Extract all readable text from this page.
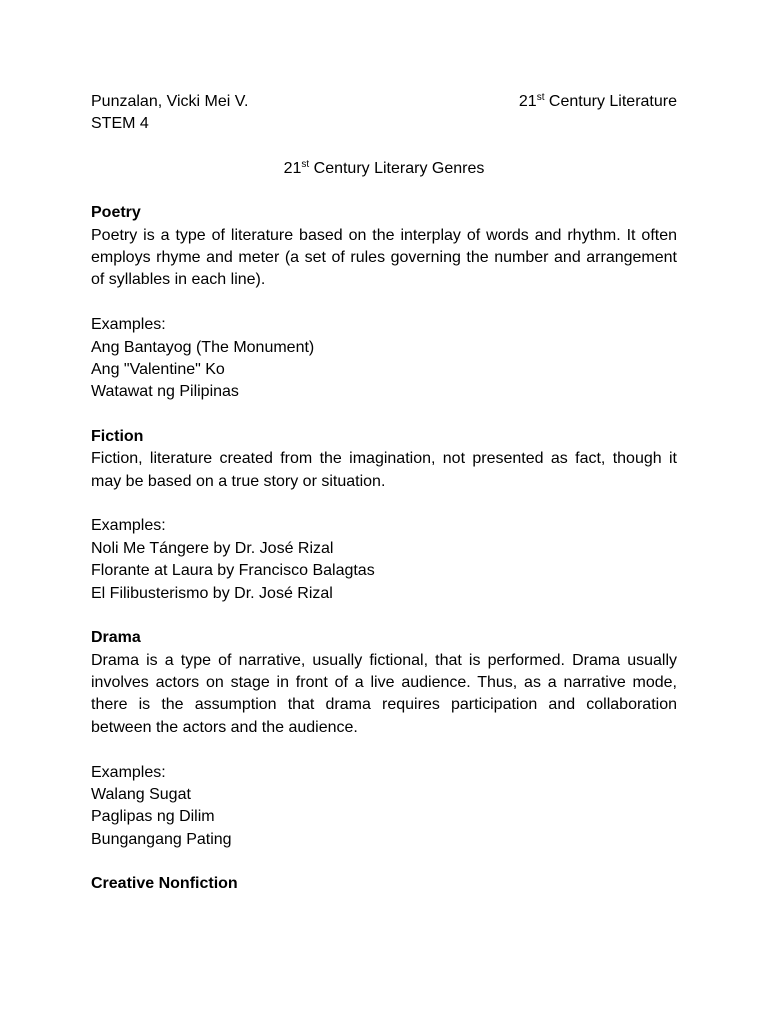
Punzalan, Vicki Mei V.	21st Century Literature
STEM 4
21st Century Literary Genres
Poetry
Poetry is a type of literature based on the interplay of words and rhythm. It often employs rhyme and meter (a set of rules governing the number and arrangement of syllables in each line).
Examples:
Ang Bantayog (The Monument)
Ang "Valentine" Ko
Watawat ng Pilipinas
Fiction
Fiction, literature created from the imagination, not presented as fact, though it may be based on a true story or situation.
Examples:
Noli Me Tángere by Dr. José Rizal
Florante at Laura by Francisco Balagtas
El Filibusterismo by Dr. José Rizal
Drama
Drama is a type of narrative, usually fictional, that is performed. Drama usually involves actors on stage in front of a live audience. Thus, as a narrative mode, there is the assumption that drama requires participation and collaboration between the actors and the audience.
Examples:
Walang Sugat
Paglipas ng Dilim
Bungangang Pating
Creative Nonfiction
